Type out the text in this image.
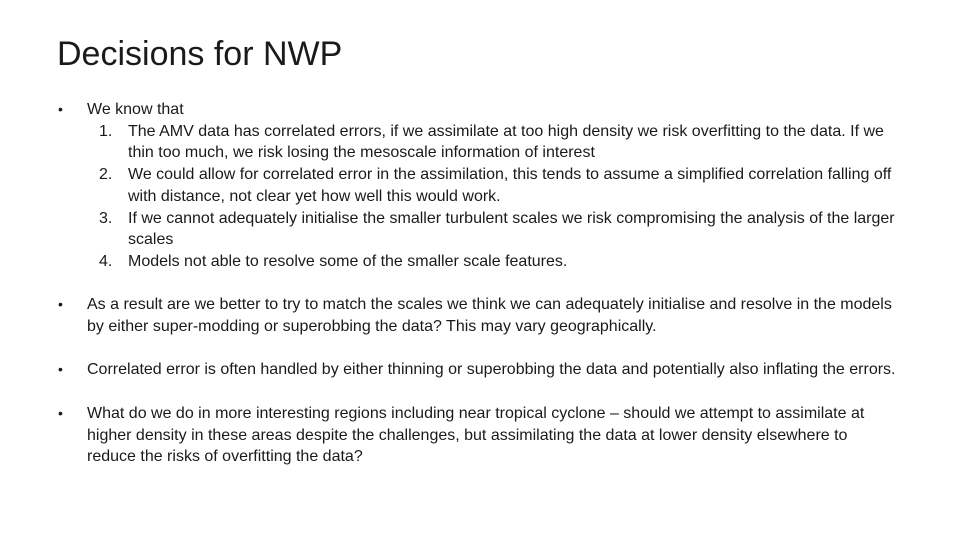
Decisions for NWP
•	We know that
1. The AMV data has correlated errors, if we assimilate at too high density we risk overfitting to the data. If we thin too much, we risk losing the mesoscale information of interest
2. We could allow for correlated error in the assimilation, this tends to assume a simplified correlation falling off with distance, not clear yet how well this would work.
3. If we cannot adequately initialise the smaller turbulent scales we risk compromising the analysis of the larger scales
4. Models not able to resolve some of the smaller scale features.
•	As a result are we better to try to match the scales we think we can adequately initialise and resolve in the models by either super-modding or superobbing the data? This may vary geographically.
•	Correlated error is often handled by either thinning or superobbing the data and potentially also inflating the errors.
•	What do we do in more interesting regions including near tropical cyclone – should we attempt to assimilate at higher density in these areas despite the challenges, but assimilating the data at lower density elsewhere to reduce the risks of overfitting the data?
